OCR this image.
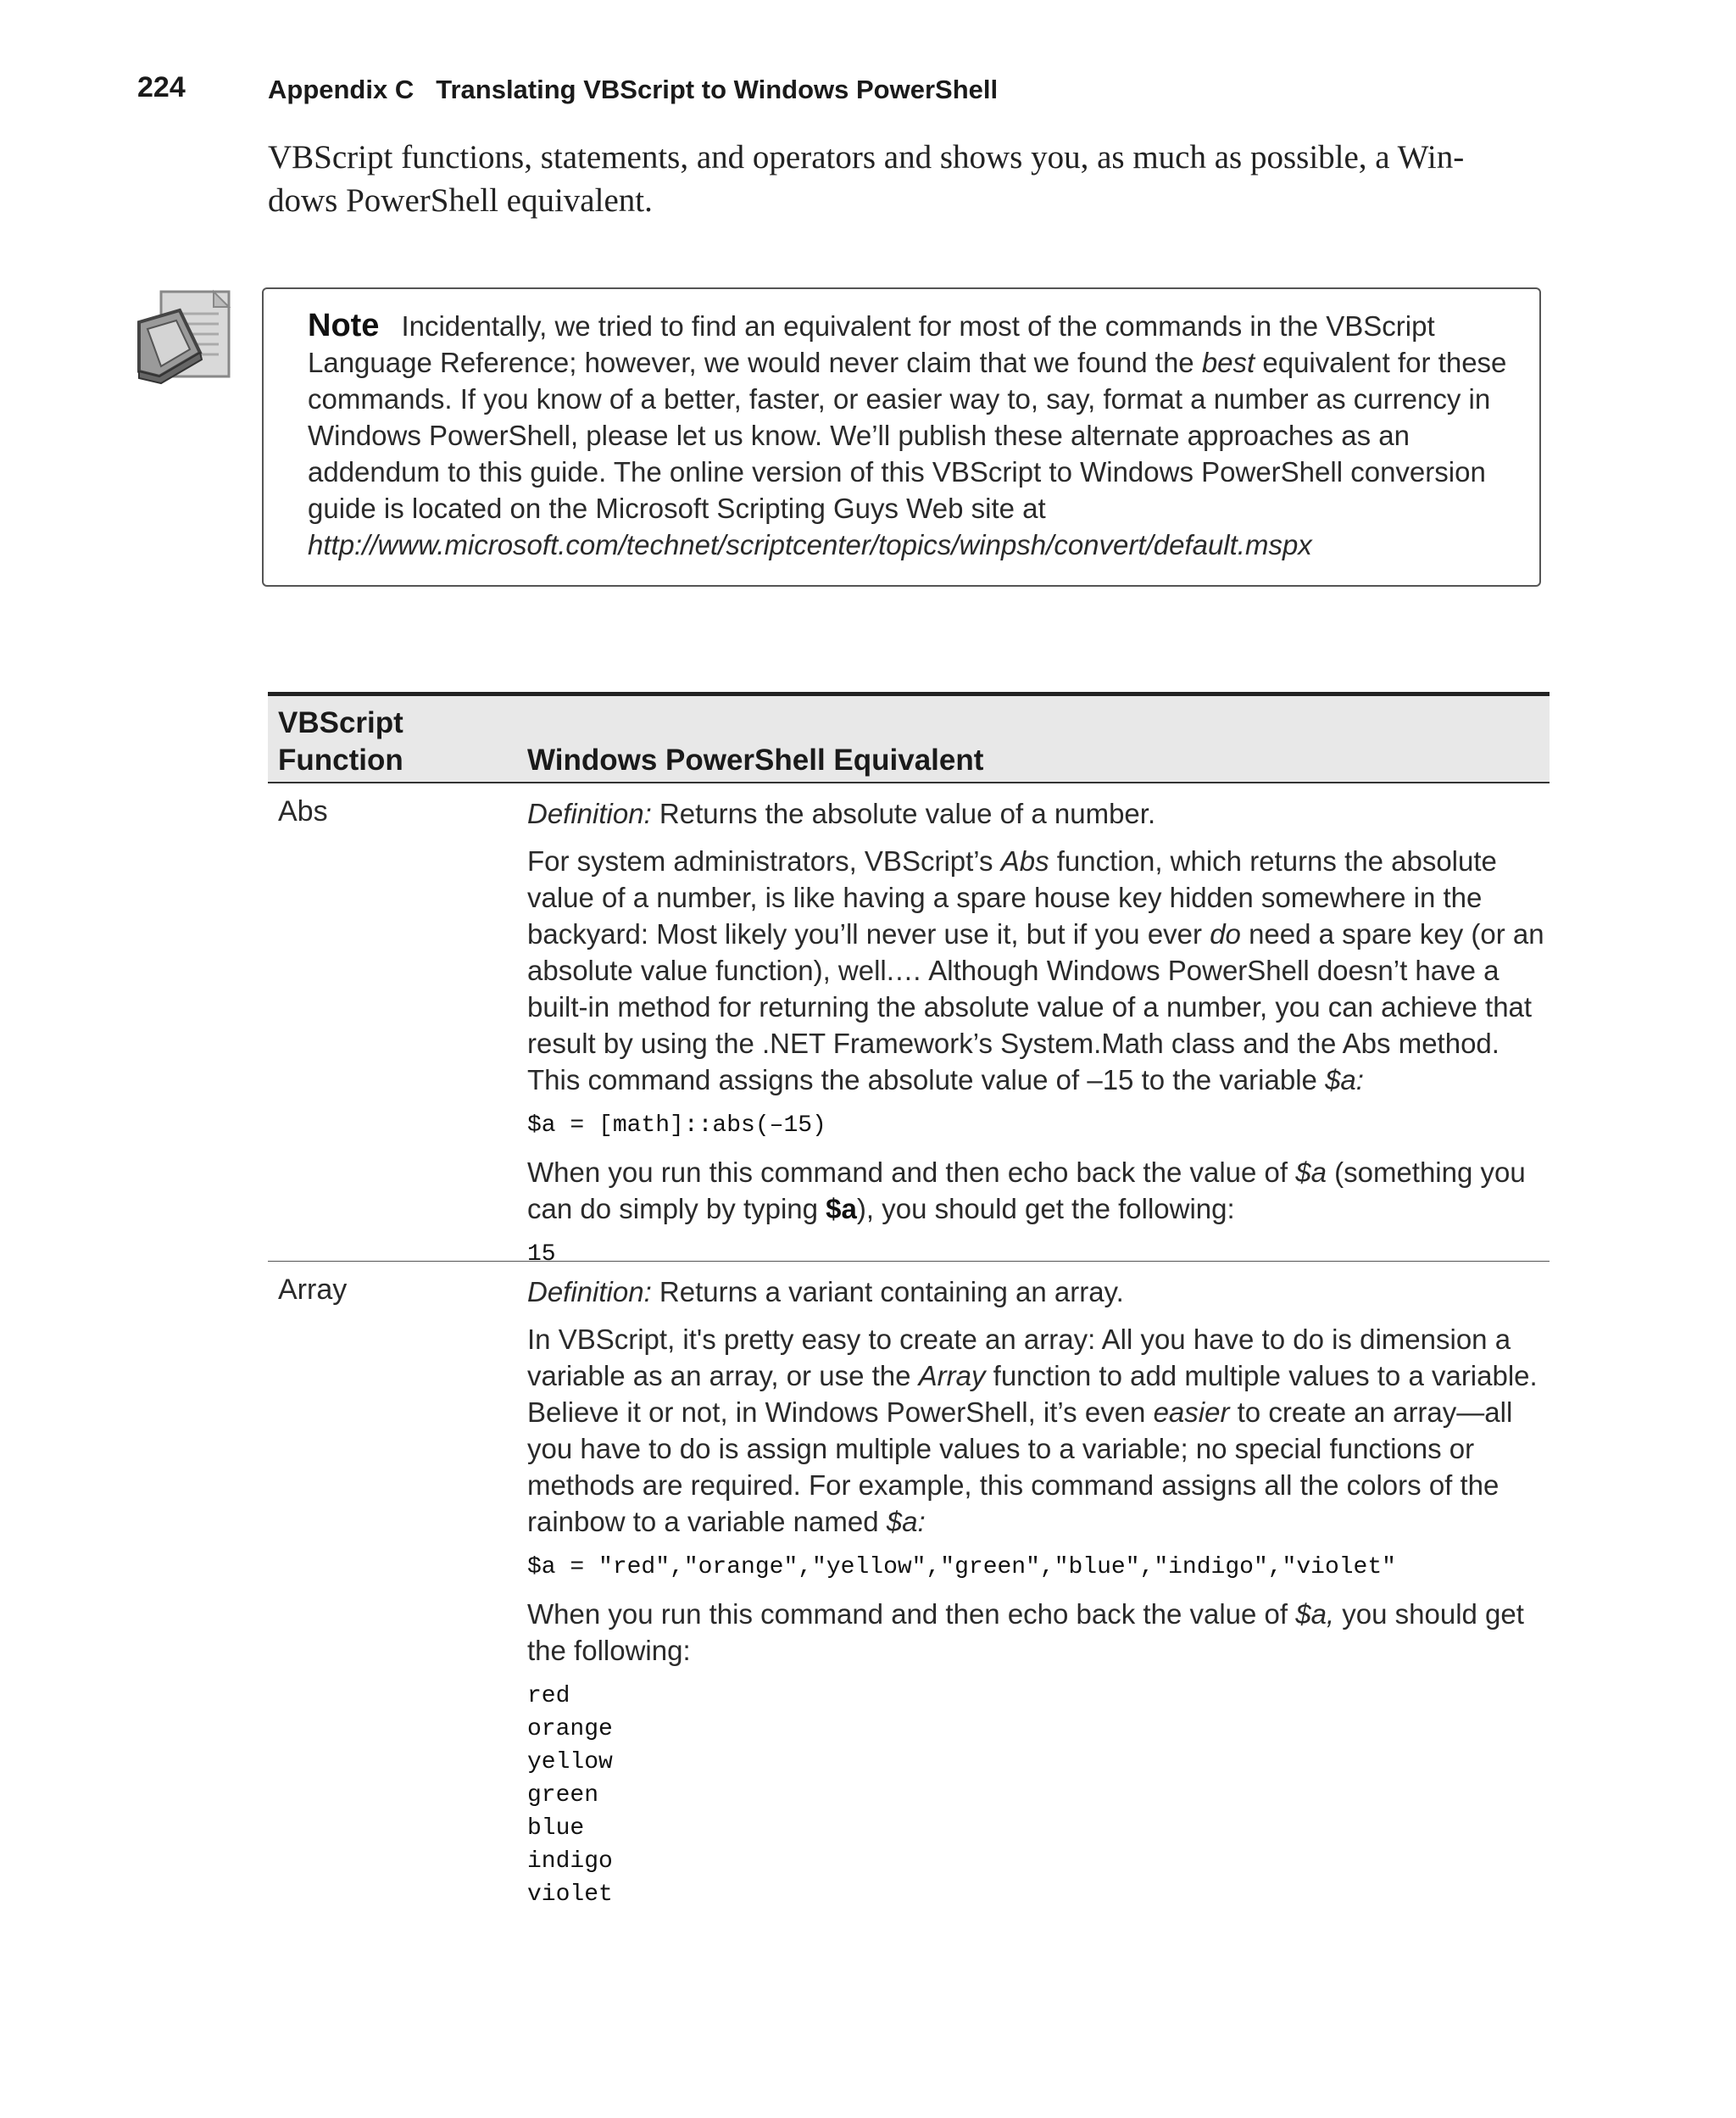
224	Appendix C Translating VBScript to Windows PowerShell
VBScript functions, statements, and operators and shows you, as much as possible, a Win-
dows PowerShell equivalent.
Note Incidentally, we tried to find an equivalent for most of the commands in the VBScript Language Reference; however, we would never claim that we found the best equivalent for these commands. If you know of a better, faster, or easier way to, say, format a number as currency in Windows PowerShell, please let us know. We’ll publish these alternate approaches as an addendum to this guide. The online version of this VBScript to Windows PowerShell conversion guide is located on the Microsoft Scripting Guys Web site at
http://www.microsoft.com/technet/scriptcenter/topics/winpsh/convert/default.mspx
VBScript
Function	Windows PowerShell Equivalent
Abs	Definition: Returns the absolute value of a number.

For system administrators, VBScript’s Abs function, which returns the absolute value of a number, is like having a spare house key hidden somewhere in the backyard: Most likely you’ll never use it, but if you ever do need a spare key (or an absolute value function), well.… Although Windows PowerShell doesn’t have a built-in method for returning the absolute value of a number, you can achieve that result by using the .NET Framework’s System.Math class and the Abs method. This command assigns the absolute value of –15 to the variable $a:

$a = [math]::abs(–15)

When you run this command and then echo back the value of $a (something you can do simply by typing $a), you should get the following:

15
Array	Definition: Returns a variant containing an array.

In VBScript, it's pretty easy to create an array: All you have to do is dimension a variable as an array, or use the Array function to add multiple values to a variable. Believe it or not, in Windows PowerShell, it’s even easier to create an array—all you have to do is assign multiple values to a variable; no special functions or methods are required. For example, this command assigns all the colors of the rainbow to a variable named $a:

$a = "red","orange","yellow","green","blue","indigo","violet"

When you run this command and then echo back the value of $a, you should get the following:

red
orange
yellow
green
blue
indigo
violet
